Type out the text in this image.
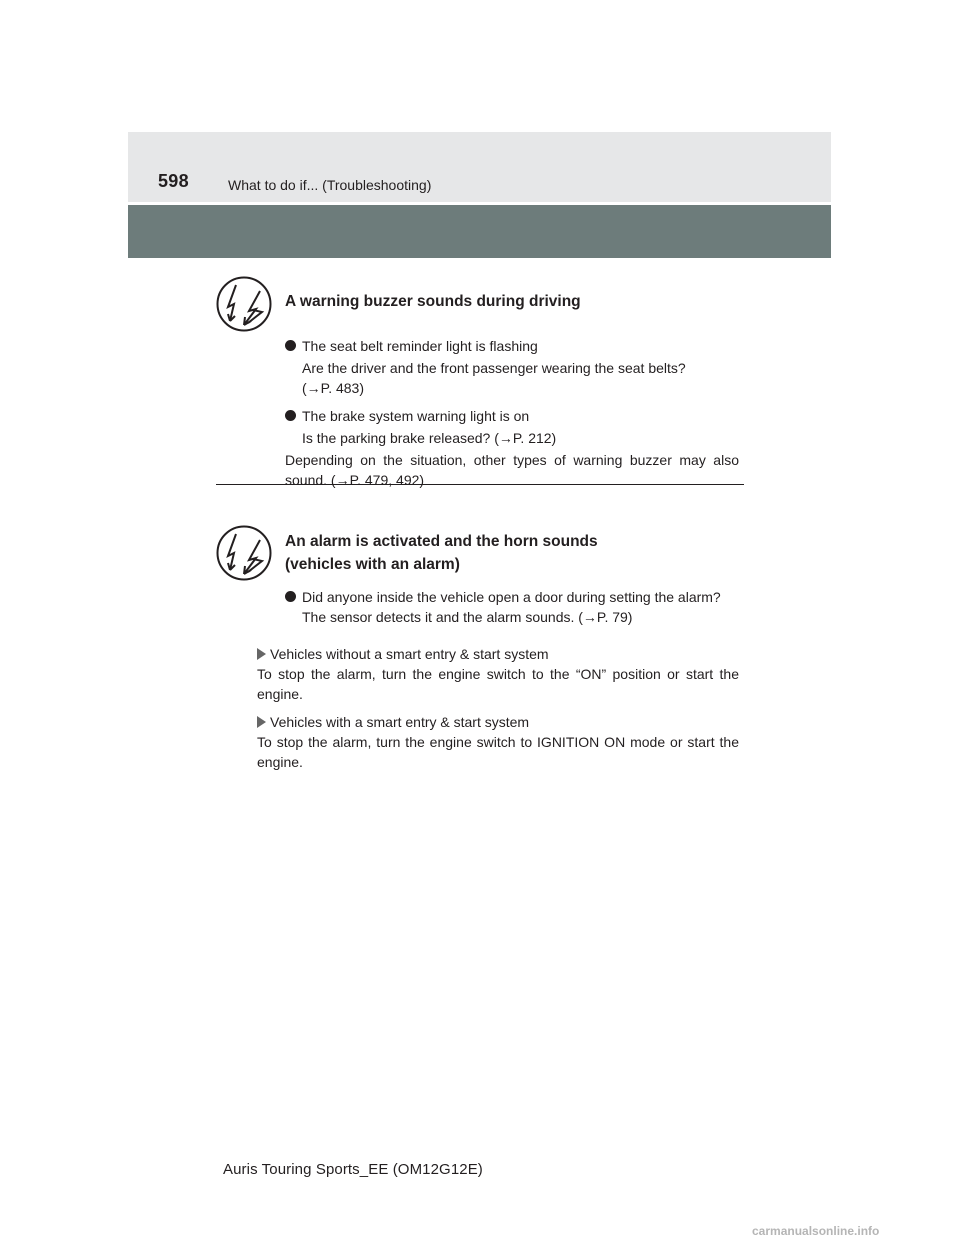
598	What to do if... (Troubleshooting)
A warning buzzer sounds during driving
The seat belt reminder light is flashing
Are the driver and the front passenger wearing the seat belts?
(→P. 483)
The brake system warning light is on
Is the parking brake released? (→P. 212)
Depending on the situation, other types of warning buzzer may also sound. (→P. 479, 492)
An alarm is activated and the horn sounds
(vehicles with an alarm)
Did anyone inside the vehicle open a door during setting the alarm?
The sensor detects it and the alarm sounds. (→P. 79)
Vehicles without a smart entry & start system
To stop the alarm, turn the engine switch to the “ON” position or start the engine.
Vehicles with a smart entry & start system
To stop the alarm, turn the engine switch to IGNITION ON mode or start the engine.
Auris Touring Sports_EE (OM12G12E)
carmanualsonline.info
